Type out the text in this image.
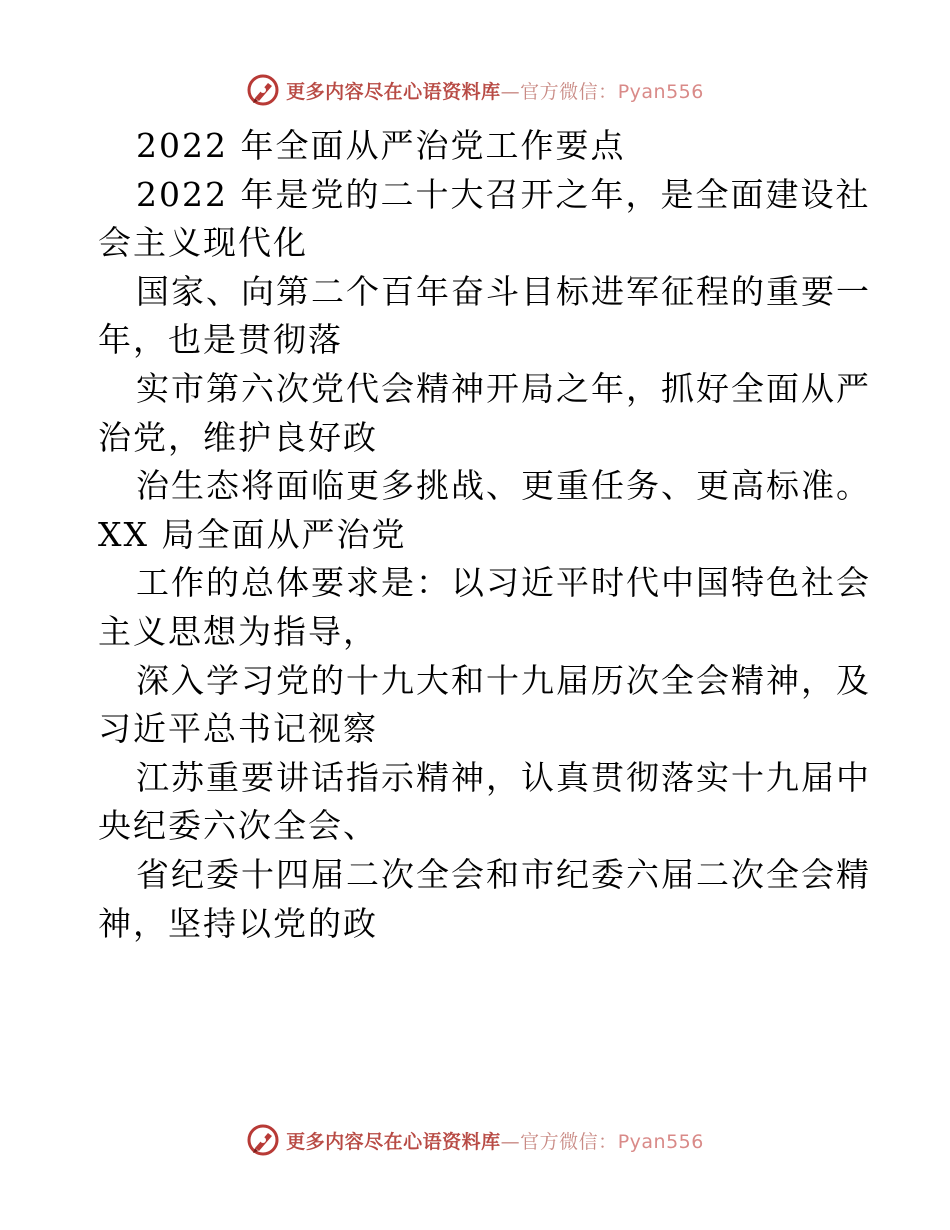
更多内容尽在心语资料库—官方微信：Pyan556
2022 年全面从严治党工作要点
2022 年是党的二十大召开之年，是全面建设社
会主义现代化
国家、向第二个百年奋斗目标进军征程的重要一
年，也是贯彻落
实市第六次党代会精神开局之年，抓好全面从严
治党，维护良好政
治生态将面临更多挑战、更重任务、更高标准。
XX 局全面从严治党
工作的总体要求是：以习近平时代中国特色社会
主义思想为指导，
深入学习党的十九大和十九届历次全会精神，及
习近平总书记视察
江苏重要讲话指示精神，认真贯彻落实十九届中
央纪委六次全会、
省纪委十四届二次全会和市纪委六届二次全会精
神，坚持以党的政
更多内容尽在心语资料库—官方微信：Pyan556
